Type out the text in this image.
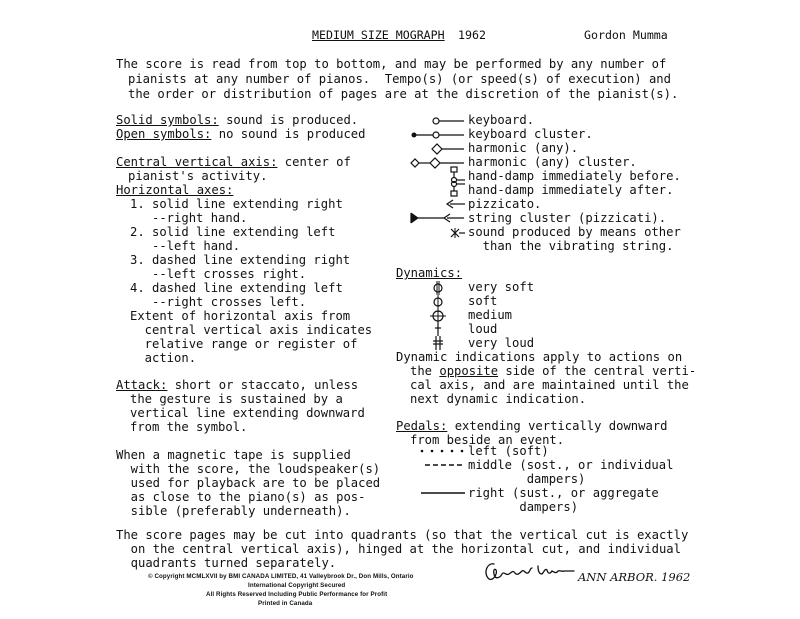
MEDIUM SIZE MOGRAPH 1962	Gordon Mumma
The score is read from top to bottom, and may be performed by any number of
pianists at any number of pianos.  Tempo(s) (or speed(s) of execution) and
the order or distribution of pages are at the discretion of the pianist(s).
Solid symbols: sound is produced.
Open symbols: no sound is produced
Central vertical axis: center of
pianist's activity.
Horizontal axes:
1. solid line extending right
--right hand.
2. solid line extending left
--left hand.
3. dashed line extending right
--left crosses right.
4. dashed line extending left
--right crosses left.
Extent of horizontal axis from
central vertical axis indicates
relative range or register of
action.
Attack: short or staccato, unless
the gesture is sustained by a
vertical line extending downward
from the symbol.
When a magnetic tape is supplied
with the score, the loudspeaker(s)
used for playback are to be placed
as close to the piano(s) as pos-
sible (preferably underneath).
keyboard.
keyboard cluster.
harmonic (any).
harmonic (any) cluster.
hand-damp immediately before.
hand-damp immediately after.
pizzicato.
string cluster (pizzicati).
sound produced by means other
than the vibrating string.
Dynamics:
very soft
soft
medium
loud
very loud
Dynamic indications apply to actions on
the opposite side of the central verti-
cal axis, and are maintained until the
next dynamic indication.
Pedals: extending vertically downward
from beside an event.
left (soft)
middle (sost., or individual
dampers)
right (sust., or aggregate
dampers)
The score pages may be cut into quadrants (so that the vertical cut is exactly
on the central vertical axis), hinged at the horizontal cut, and individual
quadrants turned separately.
© Copyright MCMLXVII by BMI CANADA LIMITED, 41 Valleybrook Dr., Don Mills, Ontario
International Copyright Secured
All Rights Reserved Including Public Performance for Profit
Printed in Canada
ANN ARBOR. 1962
